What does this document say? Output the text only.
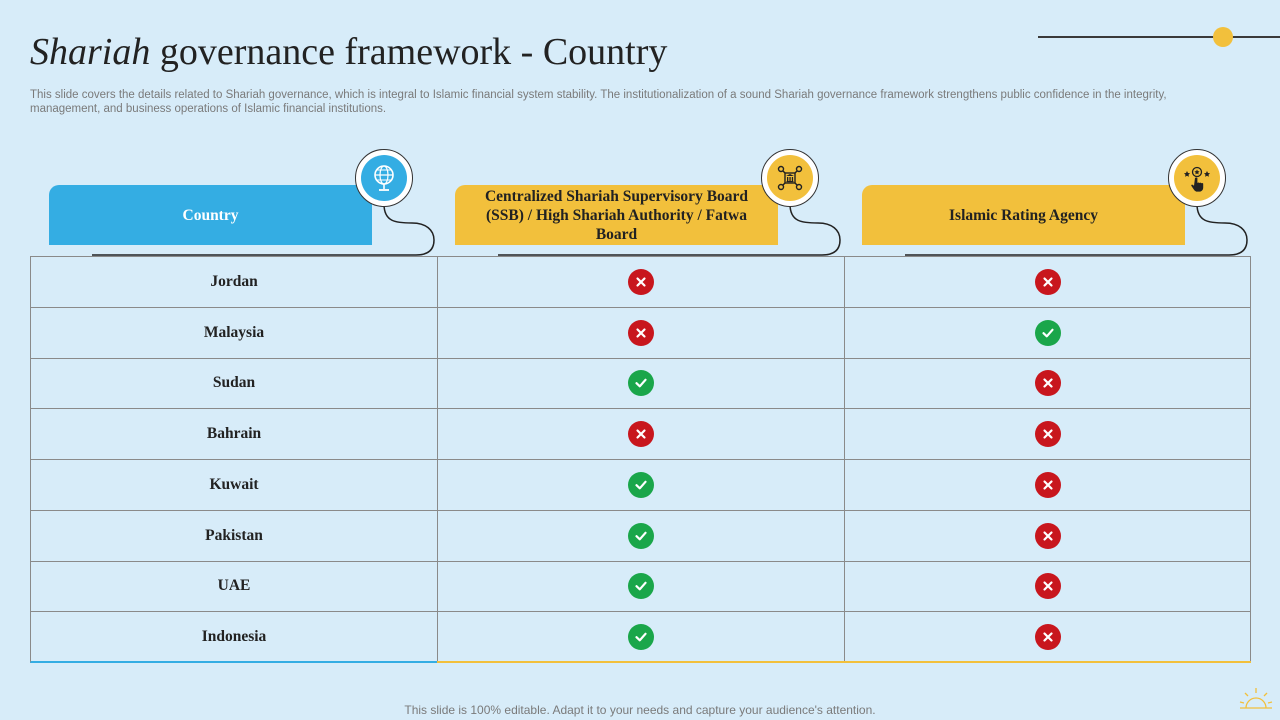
Shariah governance framework - Country
This slide covers the details related to Shariah governance, which is integral to Islamic financial system stability. The institutionalization of a sound Shariah governance framework strengthens public confidence in the integrity, management, and business operations of Islamic financial institutions.
Country
Centralized Shariah Supervisory Board (SSB) / High Shariah Authority / Fatwa Board
Islamic Rating Agency
Jordan
Malaysia
Sudan
Bahrain
Kuwait
Pakistan
UAE
Indonesia
This slide is 100% editable. Adapt it to your needs and capture your audience's attention.
